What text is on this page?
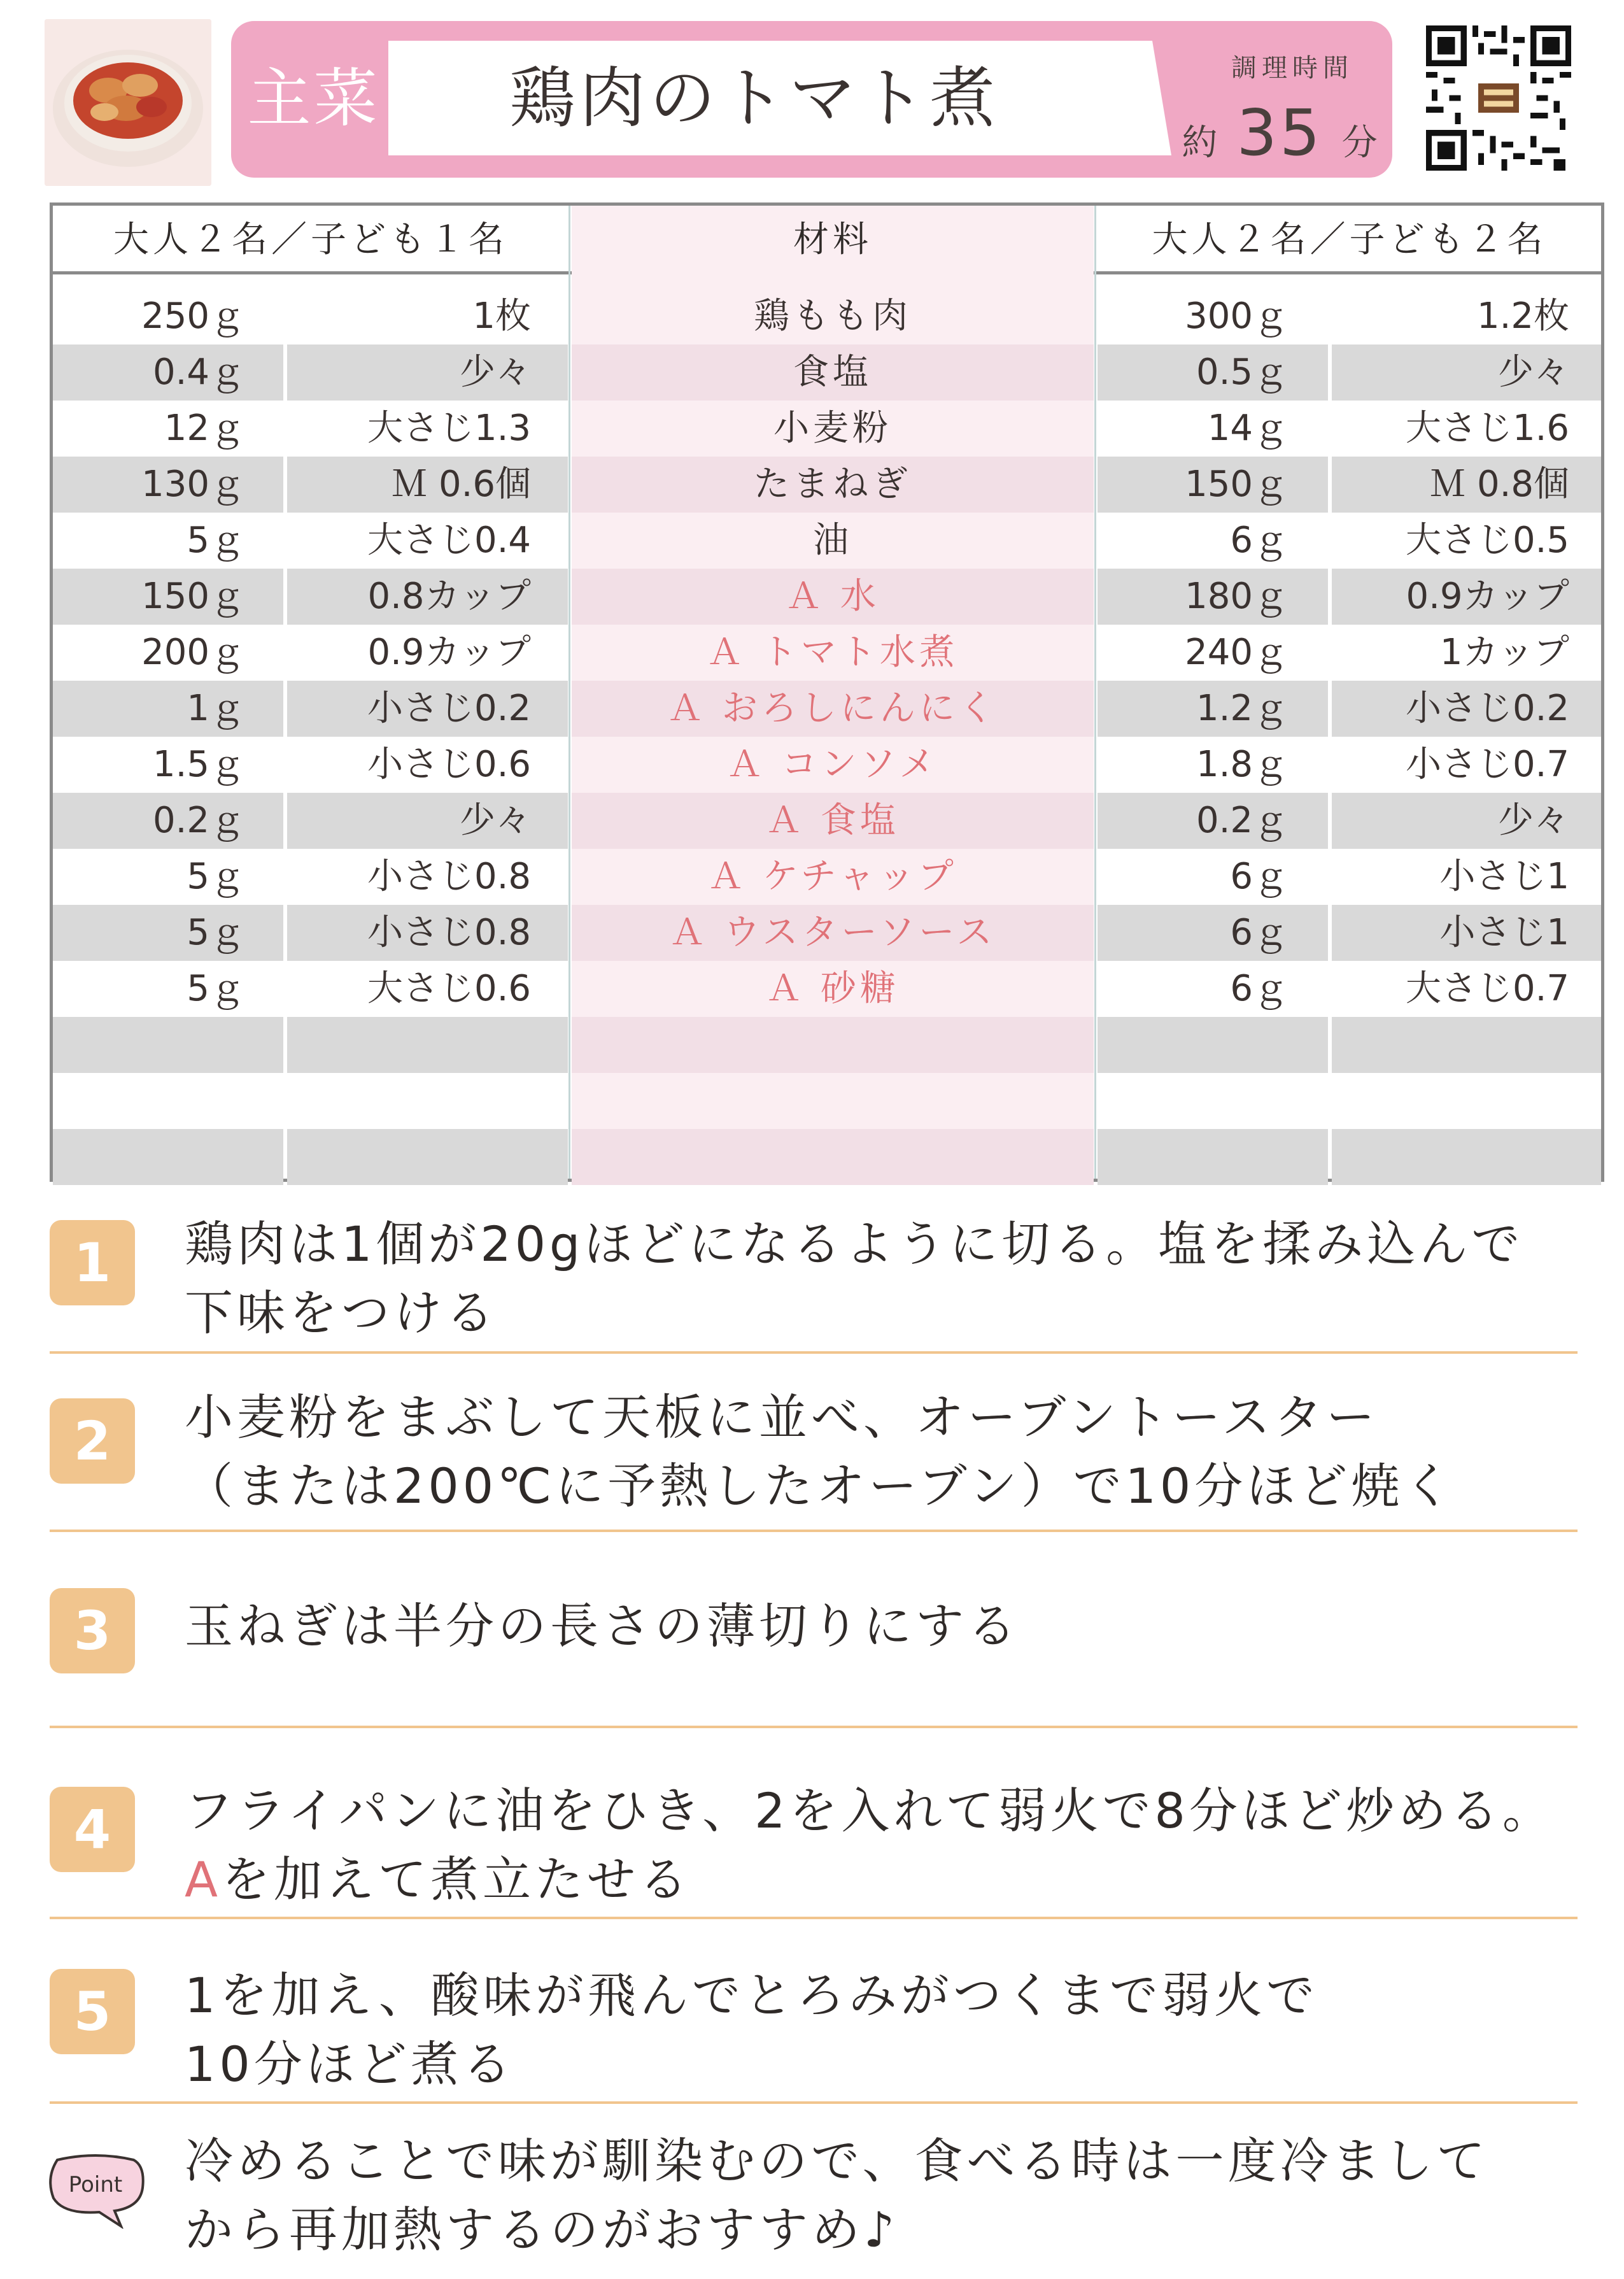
主菜	鶏肉のトマト煮	調理時間
約 35 分
大人２名／子ども１名	材料	大人２名／子ども２名
250ｇ	1枚	鶏もも肉	300ｇ	1.2枚
0.4ｇ	少々	食塩	0.5ｇ	少々
12ｇ	大さじ1.3	小麦粉	14ｇ	大さじ1.6
130ｇ	Ｍ 0.6個	たまねぎ	150ｇ	Ｍ 0.8個
5ｇ	大さじ0.4	油	6ｇ	大さじ0.5
150ｇ	0.8カップ	Ａ 水	180ｇ	0.9カップ
200ｇ	0.9カップ	Ａ トマト水煮	240ｇ	1カップ
1ｇ	小さじ0.2	Ａ おろしにんにく	1.2ｇ	小さじ0.2
1.5ｇ	小さじ0.6	Ａ コンソメ	1.8ｇ	小さじ0.7
0.2ｇ	少々	Ａ 食塩	0.2ｇ	少々
5ｇ	小さじ0.8	Ａ ケチャップ	6ｇ	小さじ1
5ｇ	小さじ0.8	Ａ ウスターソース	6ｇ	小さじ1
5ｇ	大さじ0.6	Ａ 砂糖	6ｇ	大さじ0.7
1	鶏肉は1個が20gほどになるように切る。塩を揉み込んで
下味をつける
2	小麦粉をまぶして天板に並べ、オーブントースター
（または200℃に予熱したオーブン）で10分ほど焼く
3	玉ねぎは半分の長さの薄切りにする
4	フライパンに油をひき、2を入れて弱火で8分ほど炒める。
Aを加えて煮立たせる
5	1を加え、酸味が飛んでとろみがつくまで弱火で
10分ほど煮る
Point 冷めることで味が馴染むので、食べる時は一度冷まして
から再加熱するのがおすすめ♪
